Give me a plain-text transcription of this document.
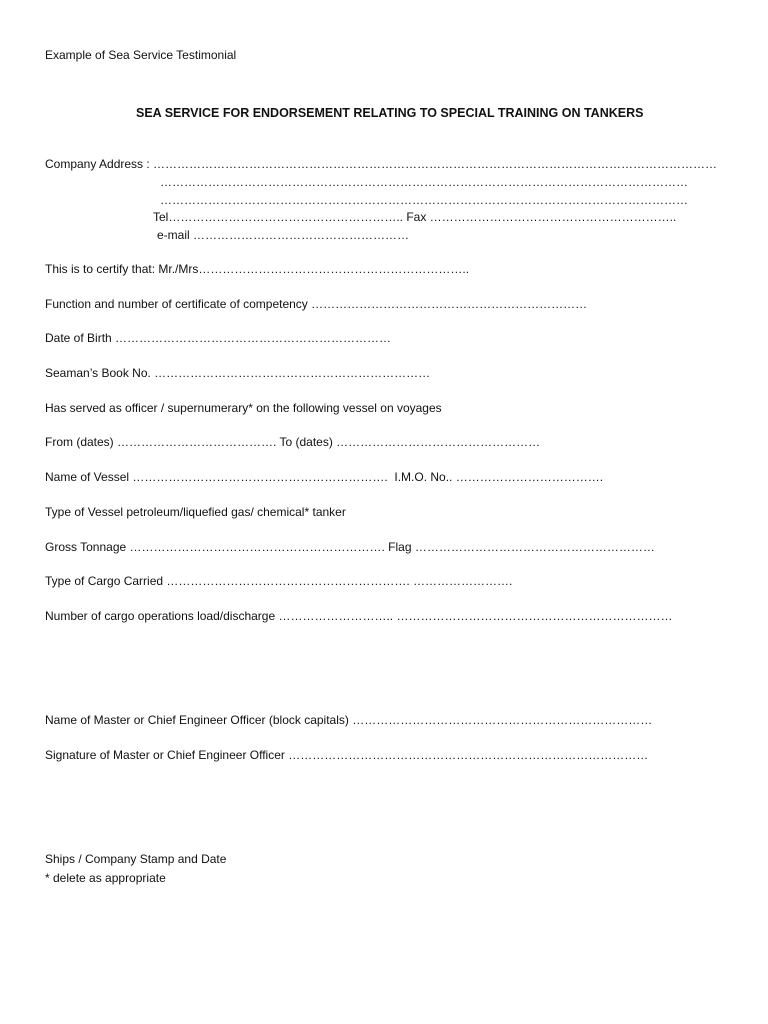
Example of Sea Service Testimonial
SEA SERVICE FOR ENDORSEMENT RELATING TO SPECIAL TRAINING ON TANKERS
Company Address : ……………………………………………………………………………………………………………………………
……………………………………………………………………………………………………………………
……………………………………………………………………………………………………………………
Tel………………………………………………….. Fax ……………………………………………………..
e-mail ………………………………………………
This is to certify that: Mr./Mrs…………………………………………………………..
Function and number of certificate of competency ……………………………………………………………
Date of Birth ……………………………………………………………
Seaman’s Book No. ……………………………………………………………
Has served as officer / supernumerary* on the following vessel on voyages
From (dates) …………………………………. To (dates) ……………………………………………
Name of Vessel ……………………………………………………….  I.M.O. No.. ……………………………….
Type of Vessel petroleum/liquefied gas/ chemical* tanker
Gross Tonnage ………………………………………………………. Flag ……………………………………………………
Type of Cargo Carried ……………………………………………………. …………………….
Number of cargo operations load/discharge ……………………….. ……………………………………………………………
Name of Master or Chief Engineer Officer (block capitals) …………………………………………………………………
Signature of Master or Chief Engineer Officer ………………………………………………………………………………
Ships / Company Stamp and Date
* delete as appropriate
